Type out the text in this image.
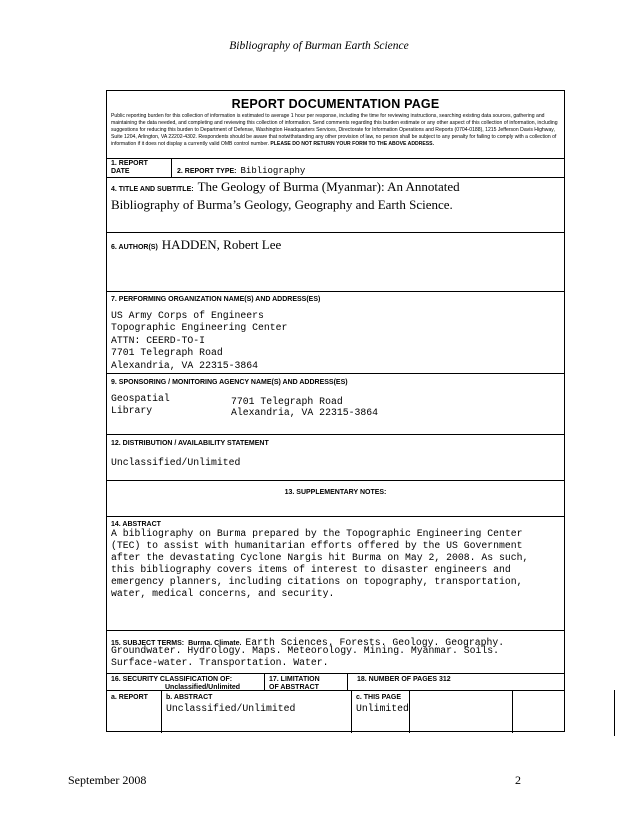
Bibliography of Burman Earth Science
REPORT DOCUMENTATION PAGE
Public reporting burden for this collection of information is estimated to average 1 hour per response, including the time for reviewing instructions, searching existing data sources, gathering and maintaining the data needed, and completing and reviewing this collection of information. Send comments regarding this burden estimate or any other aspect of this collection of information, including suggestions for reducing this burden to Department of Defense, Washington Headquarters Services, Directorate for Information Operations and Reports (0704-0188), 1215 Jefferson Davis Highway, Suite 1204, Arlington, VA 22202-4302. Respondents should be aware that notwithstanding any other provision of law, no person shall be subject to any penalty for failing to comply with a collection of information if it does not display a currently valid OMB control number. PLEASE DO NOT RETURN YOUR FORM TO THE ABOVE ADDRESS.
1. REPORT DATE	2. REPORT TYPE: Bibliography
4. TITLE AND SUBTITLE: The Geology of Burma (Myanmar): An Annotated
Bibliography of Burma’s Geology, Geography and Earth Science.
6. AUTHOR(S) HADDEN, Robert Lee
7. PERFORMING ORGANIZATION NAME(S) AND ADDRESS(ES)
US Army Corps of Engineers
Topographic Engineering Center
ATTN: CEERD-TO-I
7701 Telegraph Road
Alexandria, VA 22315-3864
9. SPONSORING / MONITORING AGENCY NAME(S) AND ADDRESS(ES)
Geospatial
Library
7701 Telegraph Road
Alexandria, VA 22315-3864
12. DISTRIBUTION / AVAILABILITY STATEMENT
Unclassified/Unlimited
13. SUPPLEMENTARY NOTES:
14. ABSTRACT
A bibliography on Burma prepared by the Topographic Engineering Center
(TEC) to assist with humanitarian efforts offered by the US Government
after the devastating Cyclone Nargis hit Burma on May 2, 2008. As such,
this bibliography covers items of interest to disaster engineers and
emergency planners, including citations on topography, transportation,
water, medical concerns, and security.
15. SUBJECT TERMS: Burma. Climate. Earth Sciences. Forests. Geology. Geography.
Groundwater. Hydrology. Maps. Meteorology. Mining. Myanmar. Soils.
Surface-water. Transportation. Water.
16. SECURITY CLASSIFICATION OF:
Unclassified/Unlimited
17. LIMITATION
OF ABSTRACT
18. NUMBER OF PAGES 312
a. REPORT	b. ABSTRACT
Unclassified/Unlimited
c. THIS PAGE
Unlimited
September 2008	2
